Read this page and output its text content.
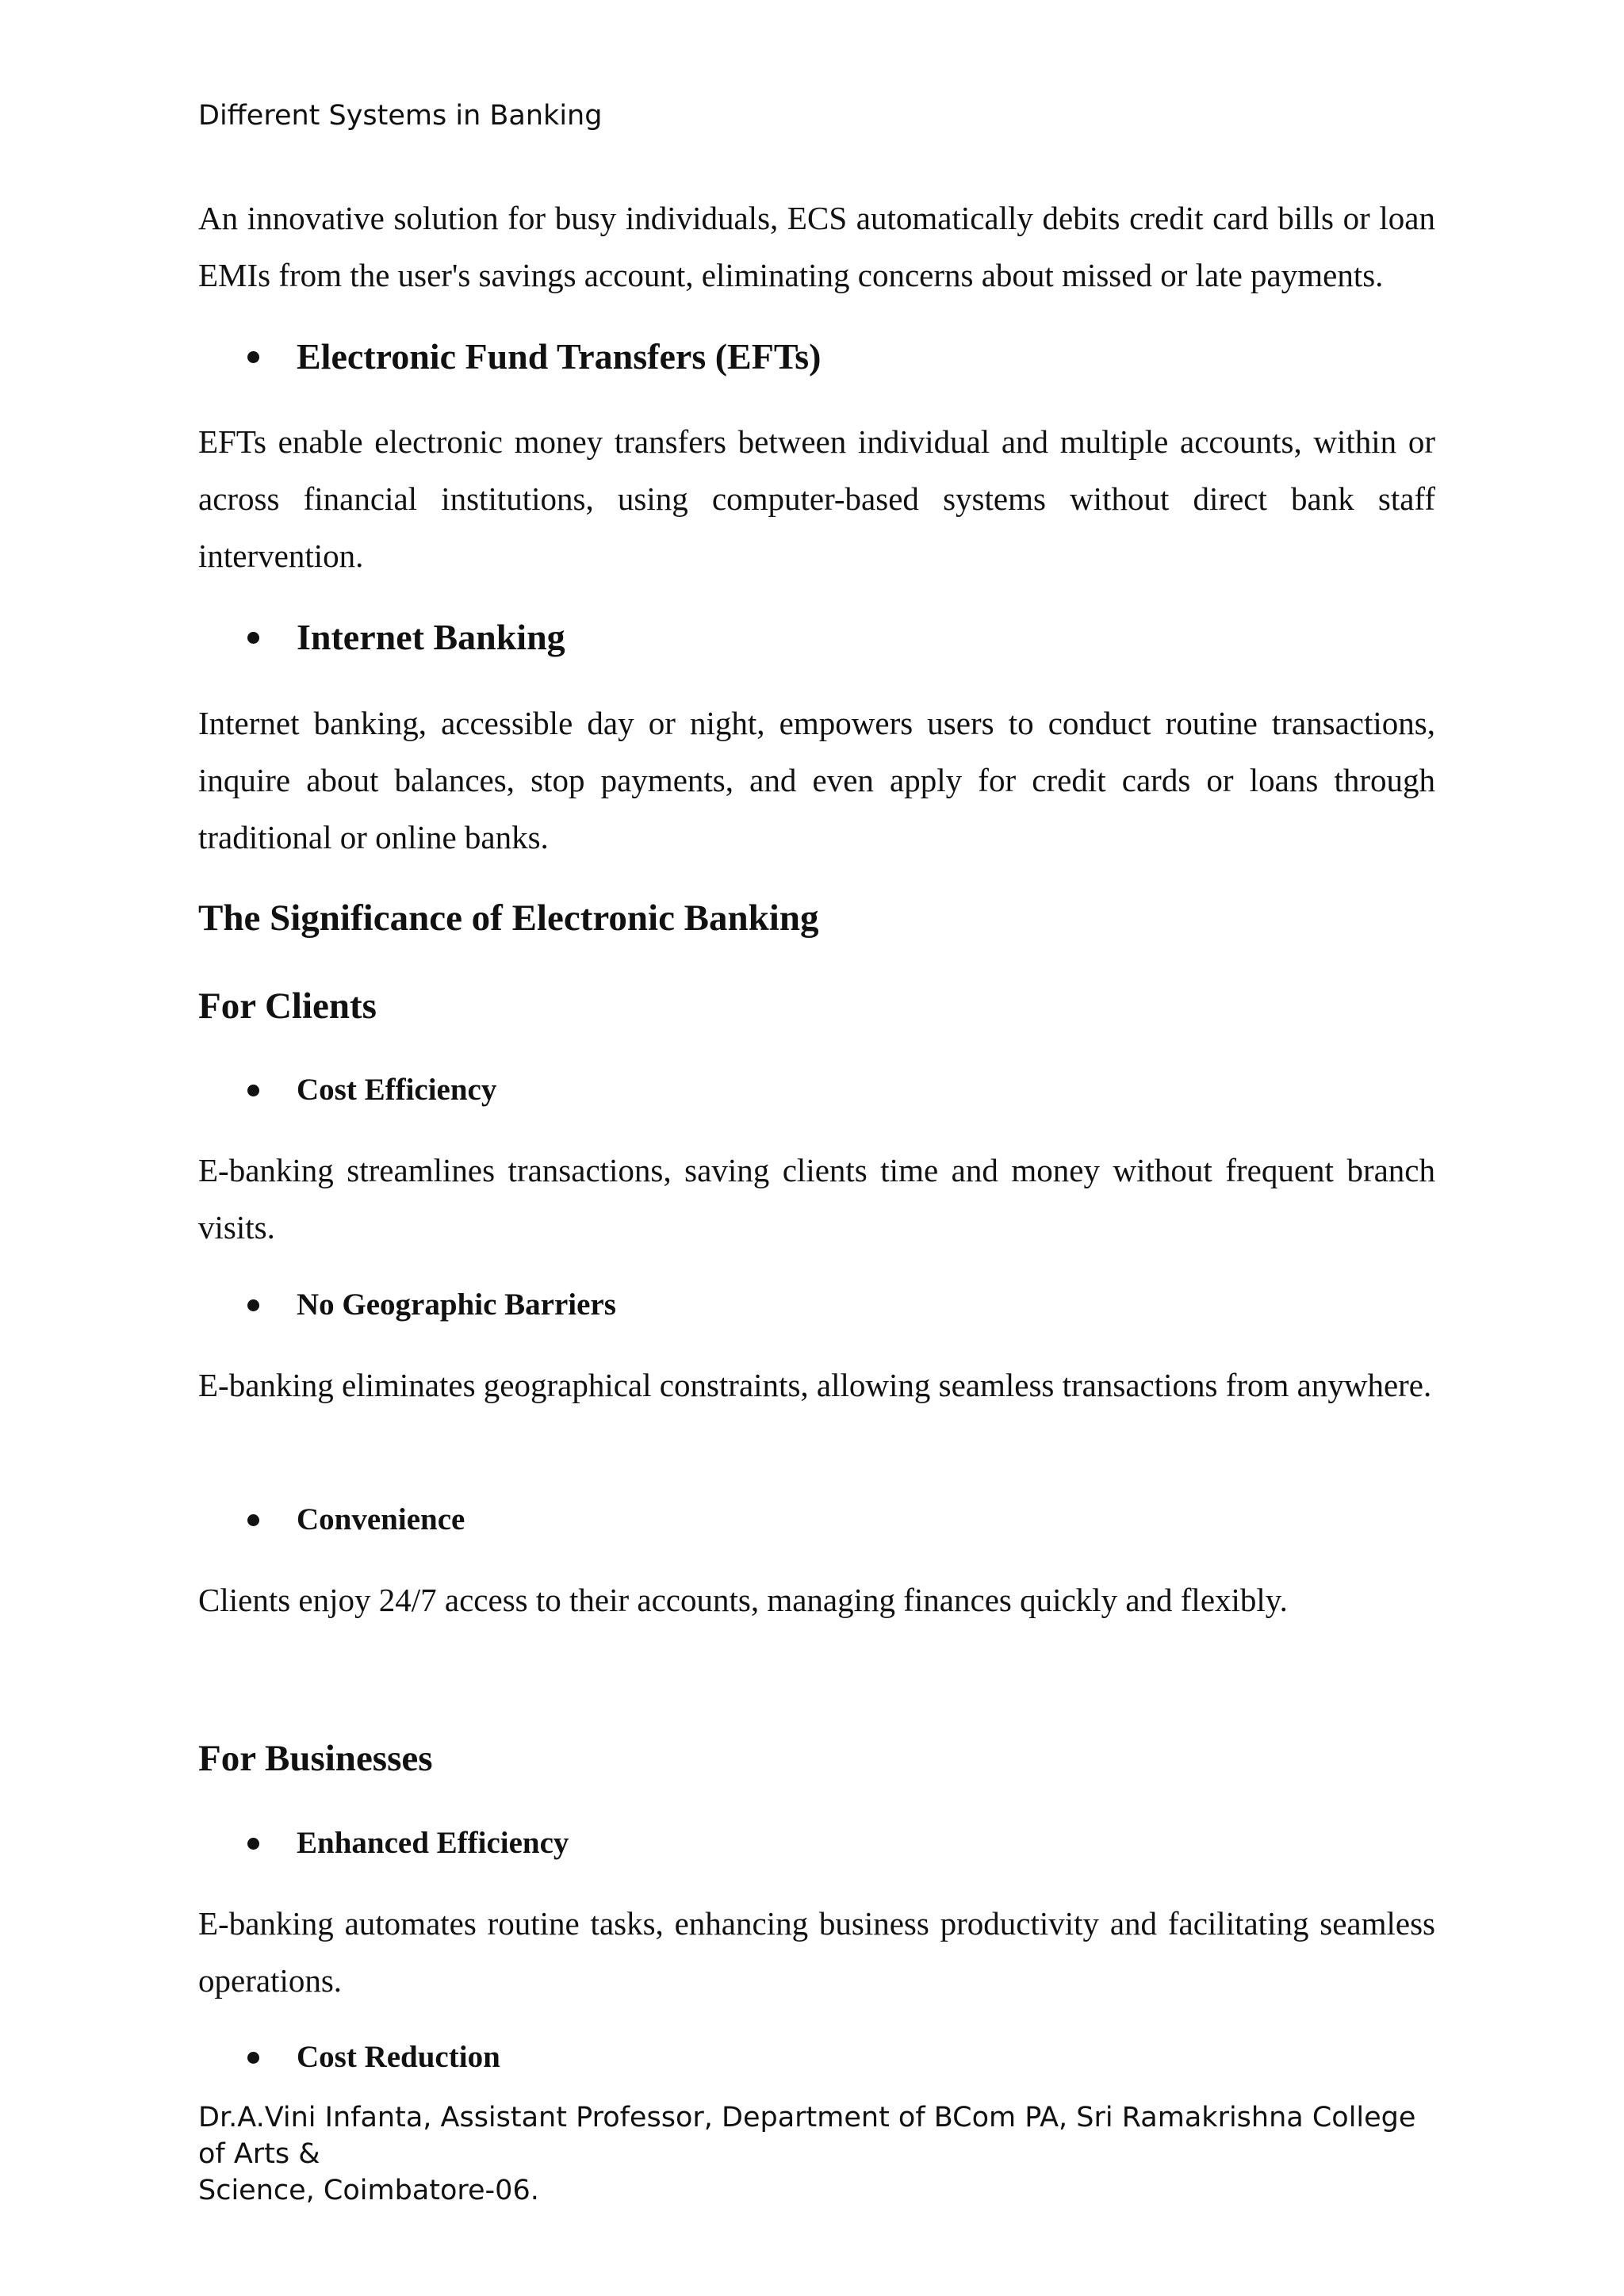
Different Systems in Banking

An innovative solution for busy individuals, ECS automatically debits credit card bills or loan EMIs from the user's savings account, eliminating concerns about missed or late payments.

Electronic Fund Transfers (EFTs)

EFTs enable electronic money transfers between individual and multiple accounts, within or across financial institutions, using computer-based systems without direct bank staff intervention.

Internet Banking

Internet banking, accessible day or night, empowers users to conduct routine transactions, inquire about balances, stop payments, and even apply for credit cards or loans through traditional or online banks.

The Significance of Electronic Banking
For Clients
Cost Efficiency

E-banking streamlines transactions, saving clients time and money without frequent branch visits.

No Geographic Barriers

E-banking eliminates geographical constraints, allowing seamless transactions from anywhere.

Convenience

Clients enjoy 24/7 access to their accounts, managing finances quickly and flexibly.

For Businesses
Enhanced Efficiency

E-banking automates routine tasks, enhancing business productivity and facilitating seamless operations.

Cost Reduction
Dr.A.Vini Infanta, Assistant Professor, Department of BCom PA, Sri Ramakrishna College of Arts &
Science, Coimbatore-06.
